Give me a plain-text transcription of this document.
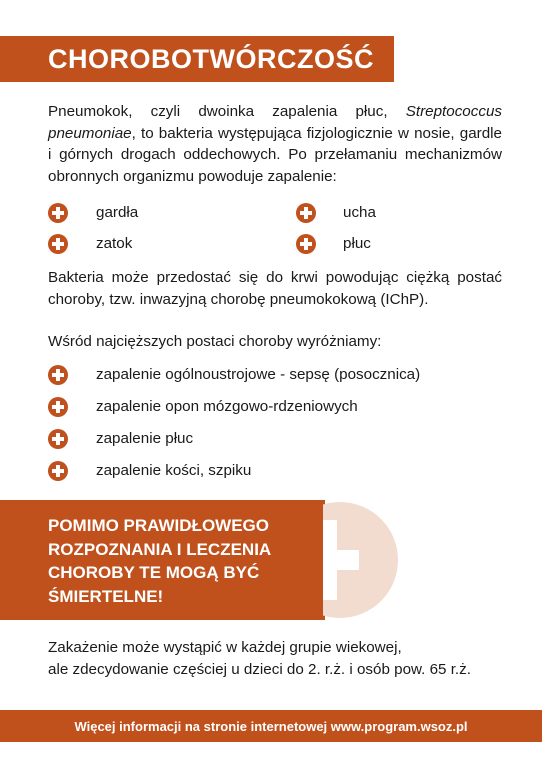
CHOROBOTWÓRCZOŚĆ

Pneumokok, czyli dwoinka zapalenia płuc, Streptococcus pneumoniae, to bakteria występująca fizjologicznie w nosie, gardle i górnych drogach oddechowych. Po przełamaniu mechanizmów obronnych organizmu powoduje zapalenie:

gardła	ucha
zatok	płuc

Bakteria może przedostać się do krwi powodując ciężką postać choroby, tzw. inwazyjną chorobę pneumokokową (IChP).

Wśród najcięższych postaci choroby wyróżniamy:

zapalenie ogólnoustrojowe - sepsę (posocznica)
zapalenie opon mózgowo-rdzeniowych
zapalenie płuc
zapalenie kości, szpiku

POMIMO PRAWIDŁOWEGO
ROZPOZNANIA I LECZENIA
CHOROBY TE MOGĄ BYĆ
ŚMIERTELNE!

Zakażenie może wystąpić w każdej grupie wiekowej,
ale zdecydowanie częściej u dzieci do 2. r.ż. i osób pow. 65 r.ż.

Więcej informacji na stronie internetowej www.program.wsoz.pl
